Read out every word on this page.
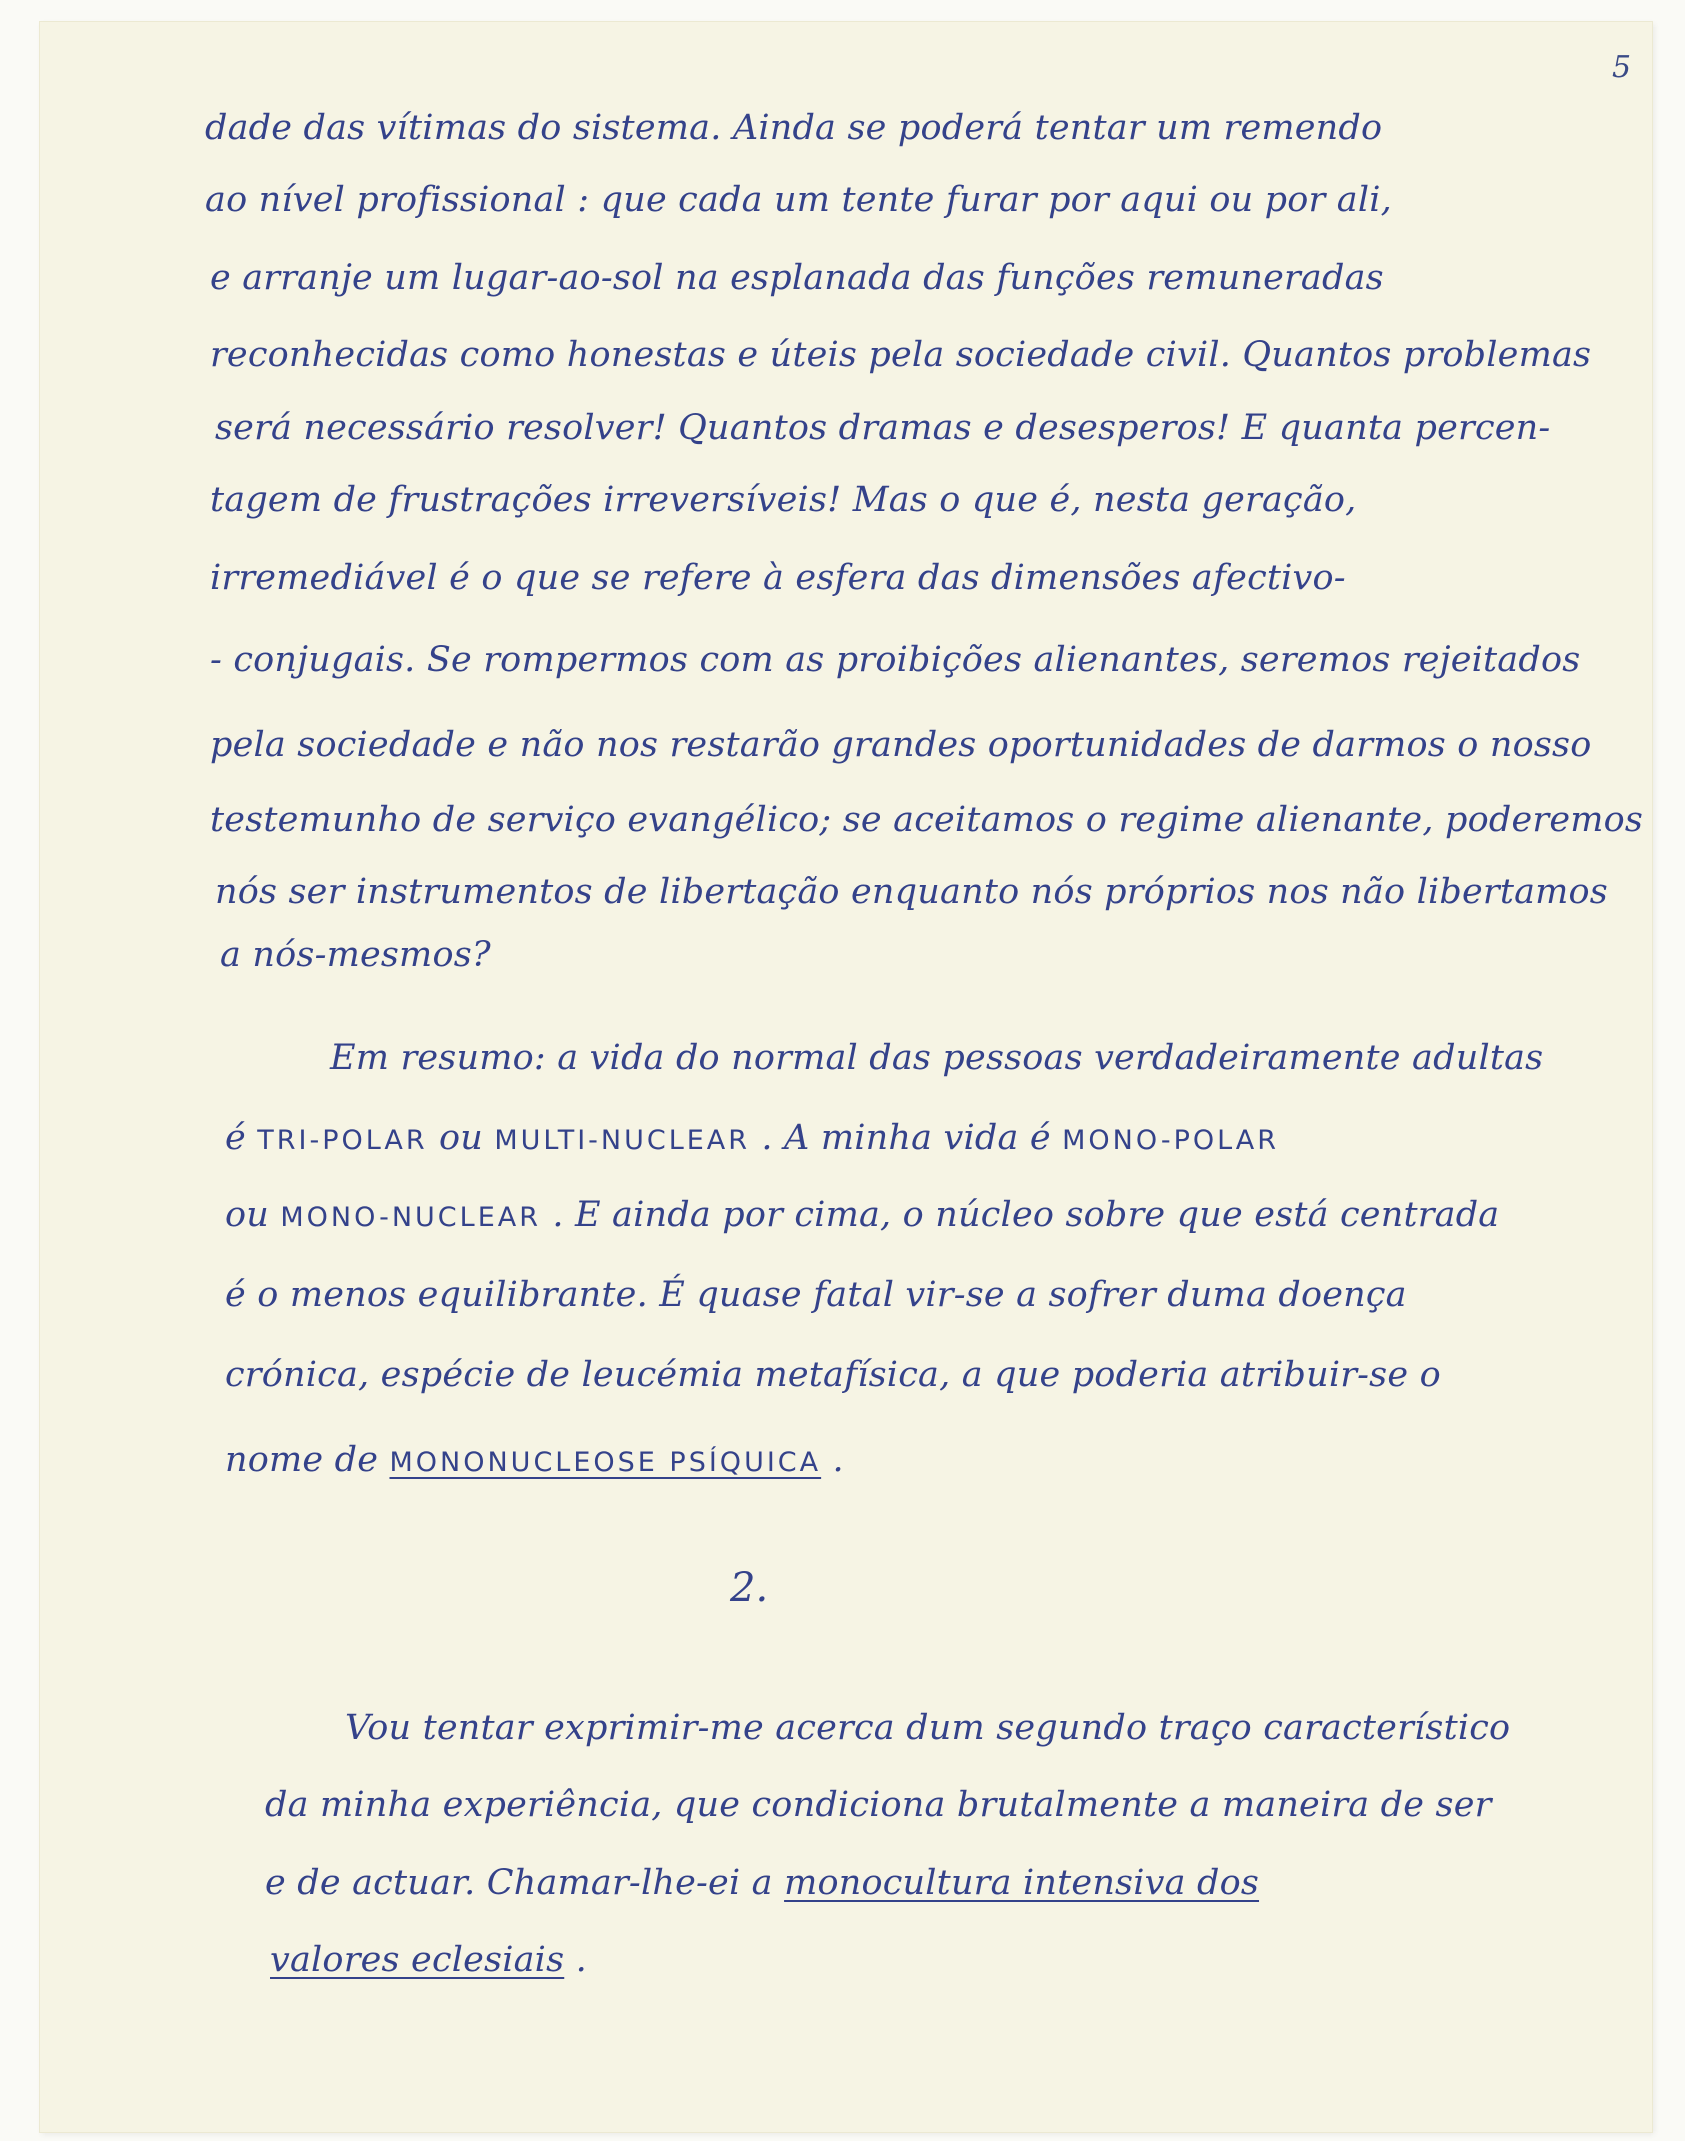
5
dade das vítimas do sistema. Ainda se poderá tentar um remendo
ao nível profissional : que cada um tente furar por aqui ou por ali,
e arranje um lugar-ao-sol na esplanada das funções remuneradas
reconhecidas como honestas e úteis pela sociedade civil. Quantos problemas
será necessário resolver! Quantos dramas e desesperos! E quanta percen-
tagem de frustrações irreversíveis! Mas o que é, nesta geração,
irremediável é o que se refere à esfera das dimensões afectivo-
- conjugais. Se rompermos com as proibições alienantes, seremos rejeitados
pela sociedade e não nos restarão grandes oportunidades de darmos o nosso
testemunho de serviço evangélico; se aceitamos o regime alienante, poderemos
nós ser instrumentos de libertação enquanto nós próprios nos não libertamos
a nós-mesmos?
Em resumo: a vida do normal das pessoas verdadeiramente adultas
é TRI-POLAR ou MULTI-NUCLEAR . A minha vida é MONO-POLAR
ou MONO-NUCLEAR . E ainda por cima, o núcleo sobre que está centrada
é o menos equilibrante. É quase fatal vir-se a sofrer duma doença
crónica, espécie de leucémia metafísica, a que poderia atribuir-se o
nome de MONONUCLEOSE PSÍQUICA .
2.
Vou tentar exprimir-me acerca dum segundo traço característico
da minha experiência, que condiciona brutalmente a maneira de ser
e de actuar. Chamar-lhe-ei a monocultura intensiva dos
valores eclesiais .
